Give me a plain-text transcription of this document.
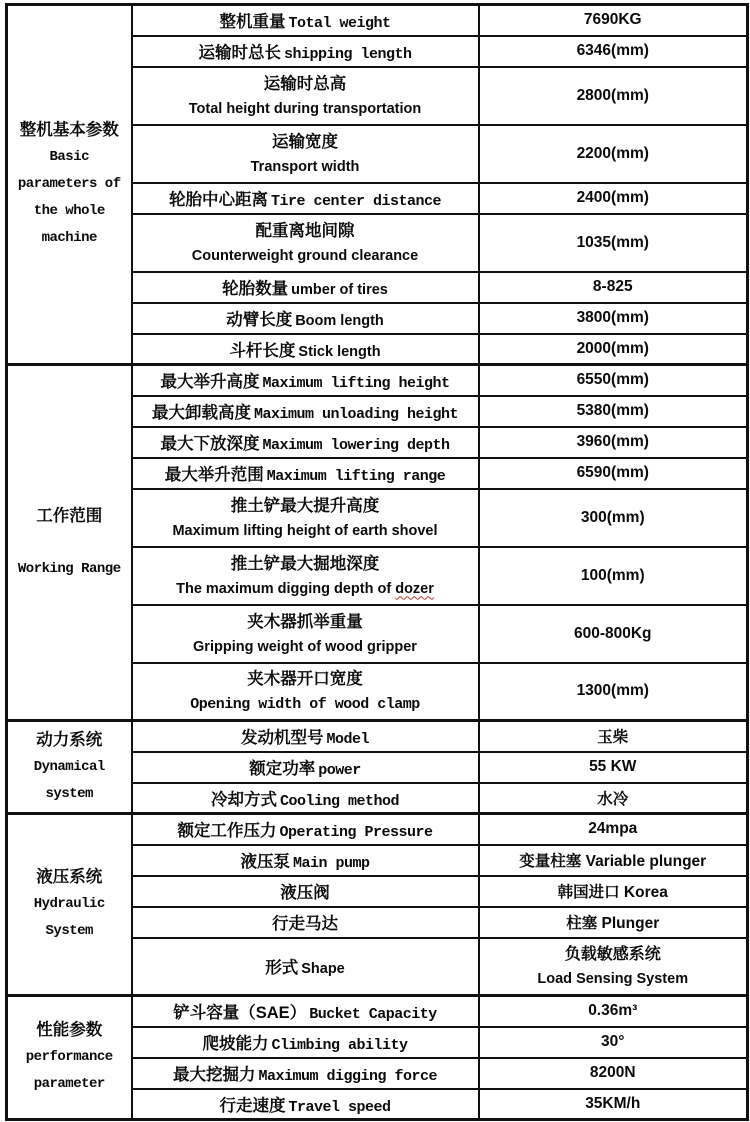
整机基本参数
Basic parameters of the whole machine	整机重量 Total weight	7690KG
	运输时总长 shipping length	6346(mm)

	运输时总高
Total height during transportation	2800(mm)

	运输宽度
Transport width	2200(mm)
	轮胎中心距离 Tire center distance	2400(mm)

	配重离地间隙
Counterweight ground clearance	1035(mm)
	轮胎数量 umber of tires	8-825
	动臂长度 Boom length	3800(mm)
	斗杆长度 Stick length	2000(mm)

工作范围
Working Range	最大举升高度 Maximum lifting height	6550(mm)
	最大卸载高度 Maximum unloading height	5380(mm)
	最大下放深度 Maximum lowering depth	3960(mm)
	最大举升范围 Maximum lifting range	6590(mm)

	推土铲最大提升高度
Maximum lifting height of earth shovel	300(mm)

	推土铲最大掘地深度
The maximum digging depth of dozer	100(mm)

	夹木器抓举重量
Gripping weight of wood gripper	600-800Kg

	夹木器开口宽度
Opening width of wood clamp	1300(mm)

动力系统
Dynamical system	发动机型号 Model	玉柴
	额定功率 power	55 KW
	冷却方式 Cooling method	水冷

液压系统
Hydraulic System	额定工作压力 Operating Pressure	24mpa
	液压泵 Main pump	变量柱塞 Variable plunger
	液压阀	韩国进口 Korea
	行走马达	柱塞 Plunger
	形式 Shape	负载敏感系统
Load Sensing System

性能参数
performance parameter	铲斗容量（SAE） Bucket Capacity	0.36m³
	爬坡能力 Climbing ability	30°
	最大挖掘力 Maximum digging force	8200N
	行走速度 Travel speed	35KM/h
